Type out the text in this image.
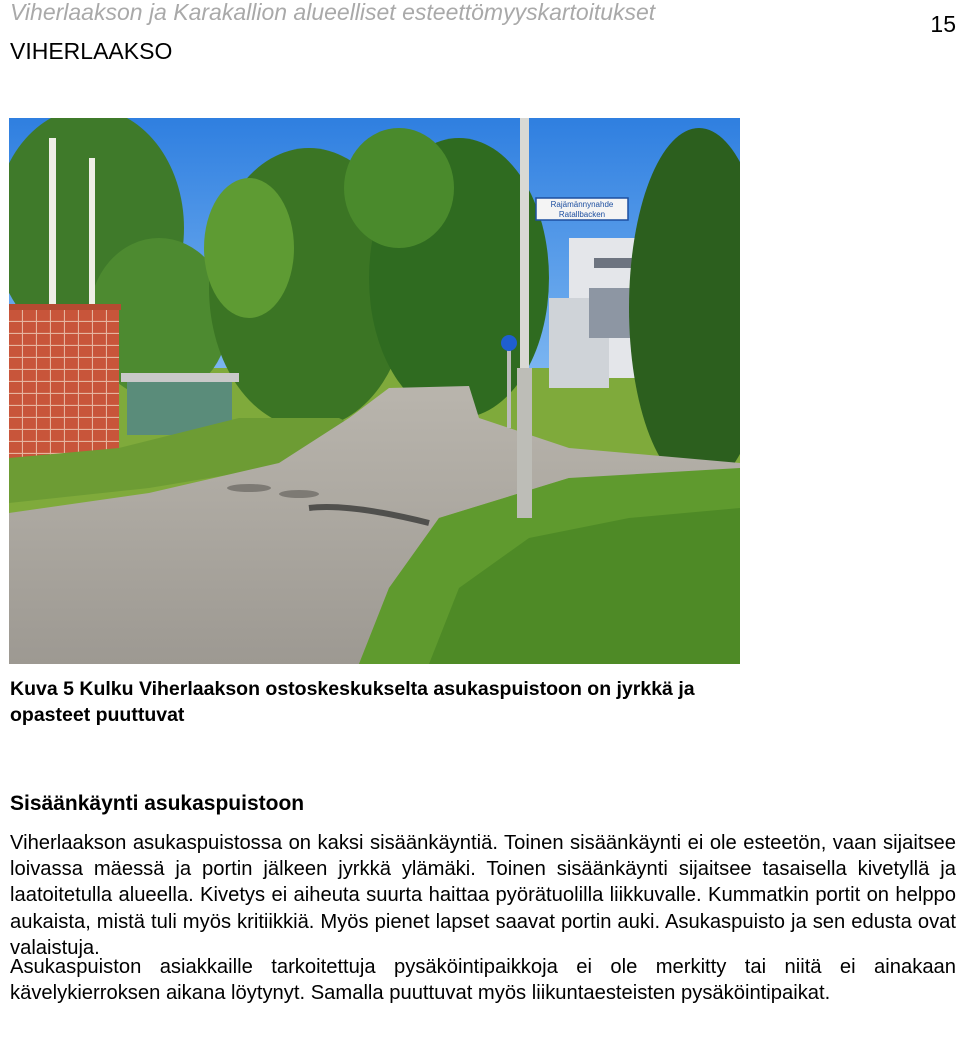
Viherlaakson ja Karakallion alueelliset esteettömyyskartoitukset	15
VIHERLAAKSO
Rajämännynahde
Ratallbacken
Kuva 5 Kulku Viherlaakson ostoskeskukselta asukaspuistoon on jyrkkä ja opasteet puuttuvat
Sisäänkäynti asukaspuistoon

Viherlaakson asukaspuistossa on kaksi sisäänkäyntiä. Toinen sisäänkäynti ei ole esteetön, vaan sijaitsee loivassa mäessä ja portin jälkeen jyrkkä ylämäki. Toinen sisäänkäynti sijaitsee tasaisella kivetyllä ja laatoitetulla alueella. Kivetys ei aiheuta suurta haittaa pyörätuolilla liikkuvalle. Kummatkin portit on helppo aukaista, mistä tuli myös kritiikkiä. Myös pienet lapset saavat portin auki. Asukaspuisto ja sen edusta ovat valaistuja.

Asukaspuiston asiakkaille tarkoitettuja pysäköintipaikkoja ei ole merkitty tai niitä ei ainakaan kävelykierroksen aikana löytynyt. Samalla puuttuvat myös liikuntaesteisten pysäköintipaikat.
